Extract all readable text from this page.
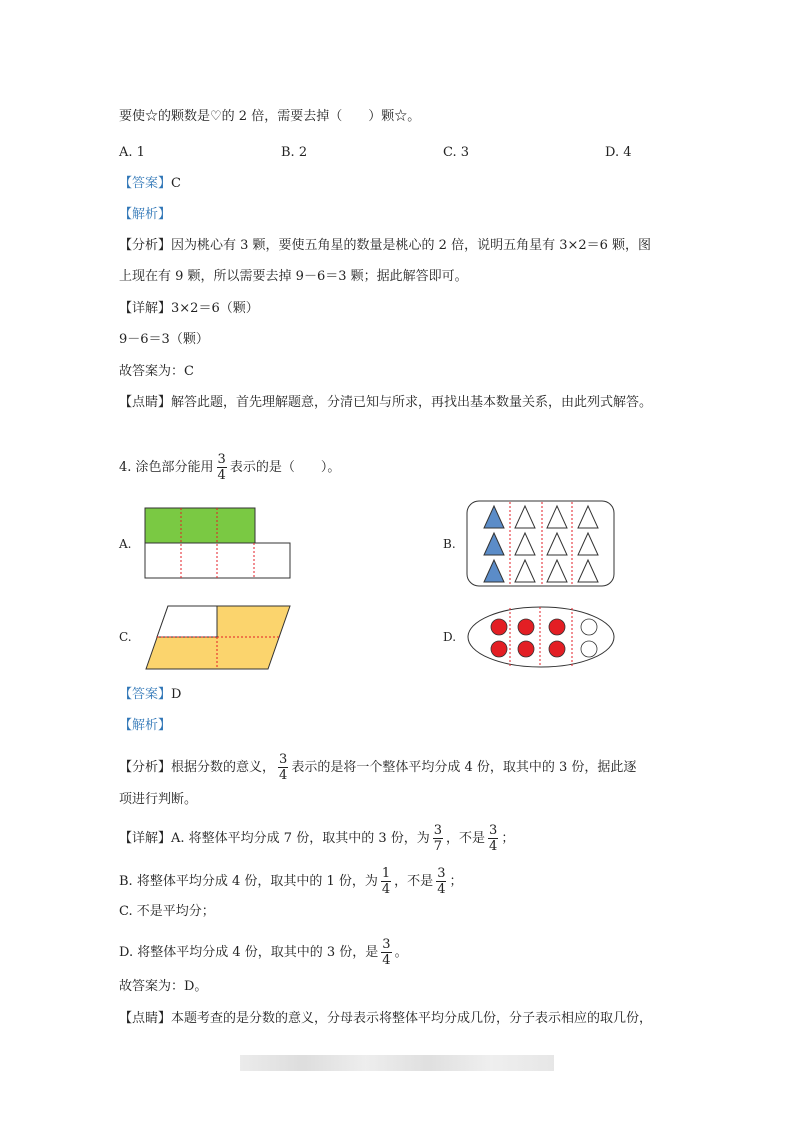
要使☆的颗数是♡的 2 倍，需要去掉（　　）颗☆。
A. 1	B. 2	C. 3	D. 4
【答案】C
【解析】
【分析】因为桃心有 3 颗，要使五角星的数量是桃心的 2 倍，说明五角星有 3×2＝6 颗，图
上现在有 9 颗，所以需要去掉 9－6＝3 颗；据此解答即可。
【详解】3×2＝6（颗）
9－6＝3（颗）
故答案为：C
【点睛】解答此题，首先理解题意，分清已知与所求，再找出基本数量关系，由此列式解答。
4. 涂色部分能用 $\frac{3}{4}$ 表示的是（　　）。
A.	B.
C.	D.
【答案】D
【解析】
【分析】根据分数的意义， $\frac{3}{4}$ 表示的是将一个整体平均分成 4 份，取其中的 3 份，据此逐
项进行判断。
【详解】A. 将整体平均分成 7 份，取其中的 3 份，为 $\frac{3}{7}$ ，不是 $\frac{3}{4}$ ；
B. 将整体平均分成 4 份，取其中的 1 份，为 $\frac{1}{4}$ ，不是 $\frac{3}{4}$ ；
C. 不是平均分；
D. 将整体平均分成 4 份，取其中的 3 份，是 $\frac{3}{4}$ 。
故答案为：D。
【点睛】本题考查的是分数的意义，分母表示将整体平均分成几份，分子表示相应的取几份，
